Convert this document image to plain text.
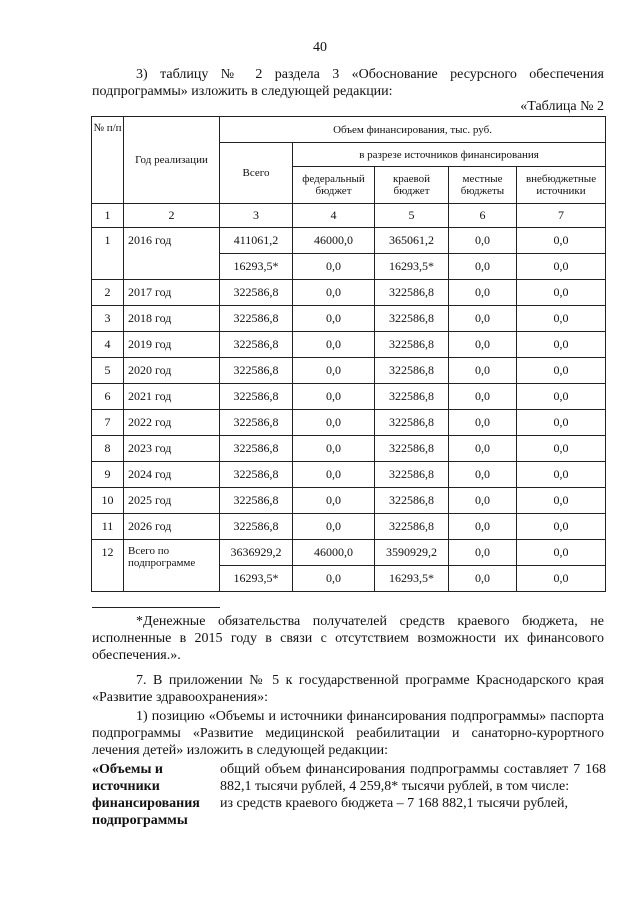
40

3) таблицу № 2 раздела 3 «Обоснование ресурсного обеспечения подпрограммы» изложить в следующей редакции:

«Таблица № 2
№ п/п	Год реализации	Объем финансирования, тыс. руб.				
		Всего	в разрезе источников финансирования			
			федеральный бюджет	краевой бюджет	местные бюджеты	внебюджетные источники
1	2	3	4	5	6	7
1	2016 год	411061,2	46000,0	365061,2	0,0	0,0
		16293,5*	0,0	16293,5*	0,0	0,0
2	2017 год	322586,8	0,0	322586,8	0,0	0,0
3	2018 год	322586,8	0,0	322586,8	0,0	0,0
4	2019 год	322586,8	0,0	322586,8	0,0	0,0
5	2020 год	322586,8	0,0	322586,8	0,0	0,0
6	2021 год	322586,8	0,0	322586,8	0,0	0,0
7	2022 год	322586,8	0,0	322586,8	0,0	0,0
8	2023 год	322586,8	0,0	322586,8	0,0	0,0
9	2024 год	322586,8	0,0	322586,8	0,0	0,0
10	2025 год	322586,8	0,0	322586,8	0,0	0,0
11	2026 год	322586,8	0,0	322586,8	0,0	0,0
12	Всего по подпрограмме	3636929,2	46000,0	3590929,2	0,0	0,0
		16293,5*	0,0	16293,5*	0,0	0,0

*Денежные обязательства получателей средств краевого бюджета, не исполненные в 2015 году в связи с отсутствием возможности их финансового обеспечения.».

7. В приложении № 5 к государственной программе Краснодарского края «Развитие здравоохранения»:

1) позицию «Объемы и источники финансирования подпрограммы» паспорта подпрограммы «Развитие медицинской реабилитации и санаторно-курортного лечения детей» изложить в следующей редакции:

«Объемы и источники финансирования подпрограммы
общий объем финансирования подпрограммы составляет 7 168 882,1 тысячи рублей, 4 259,8* тысячи рублей, в том числе:
из средств краевого бюджета – 7 168 882,1 тысячи рублей,
